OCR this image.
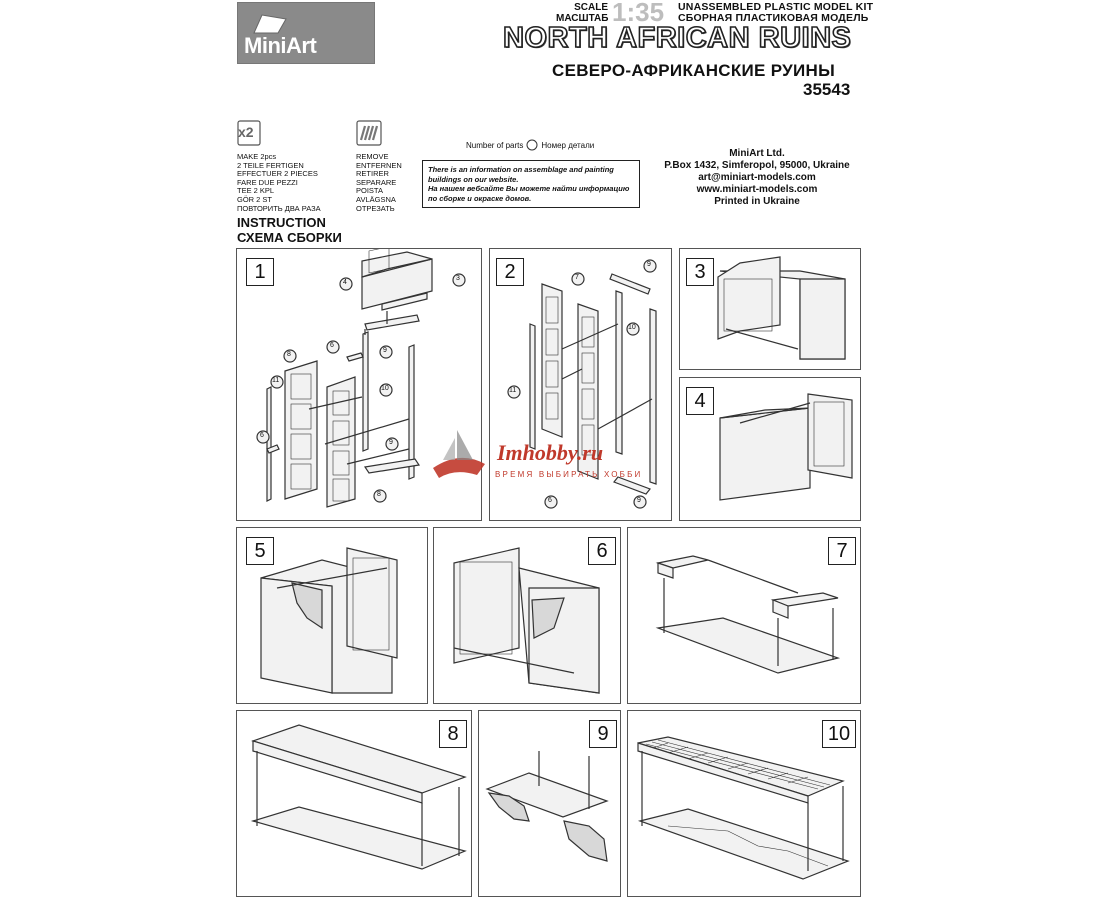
MiniArt
SCALE
МАСШТАБ 1:35 UNASSEMBLED PLASTIC MODEL KIT
СБОРНАЯ ПЛАСТИКОВАЯ МОДЕЛЬ
NORTH AFRICAN RUINS
СЕВЕРО-АФРИКАНСКИЕ РУИНЫ
35543
x2
MAKE 2pcs
2 TEILE FERTIGEN
EFFECTUER 2 PIECES
FARE DUE PEZZI
TEE 2 KPL
GÖR 2 ST
ПОВТОРИТЬ ДВА РАЗА
REMOVE
ENTFERNEN
RETIRER
SEPARARE
POISTA
AVLÄGSNA
ОТРЕЗАТЬ
INSTRUCTION
СХЕМА СБОРКИ
Number of parts Номер детали
There is an information on assemblage and painting
buildings on our website.
На нашем вебсайте Вы можете найти информацию
по сборке и окраске домов.
MiniArt Ltd.
P.Box 1432, Simferopol, 95000, Ukraine
art@miniart-models.com
www.miniart-models.com
Printed in Ukraine
1	4
3
9
8
6
10
11
6
9
8
2	7
9
10
11
6	9
3
4
5	6	7
8	9	10
Imhobby.ru
ВРЕМЯ ВЫБИРАТЬ ХОББИ
